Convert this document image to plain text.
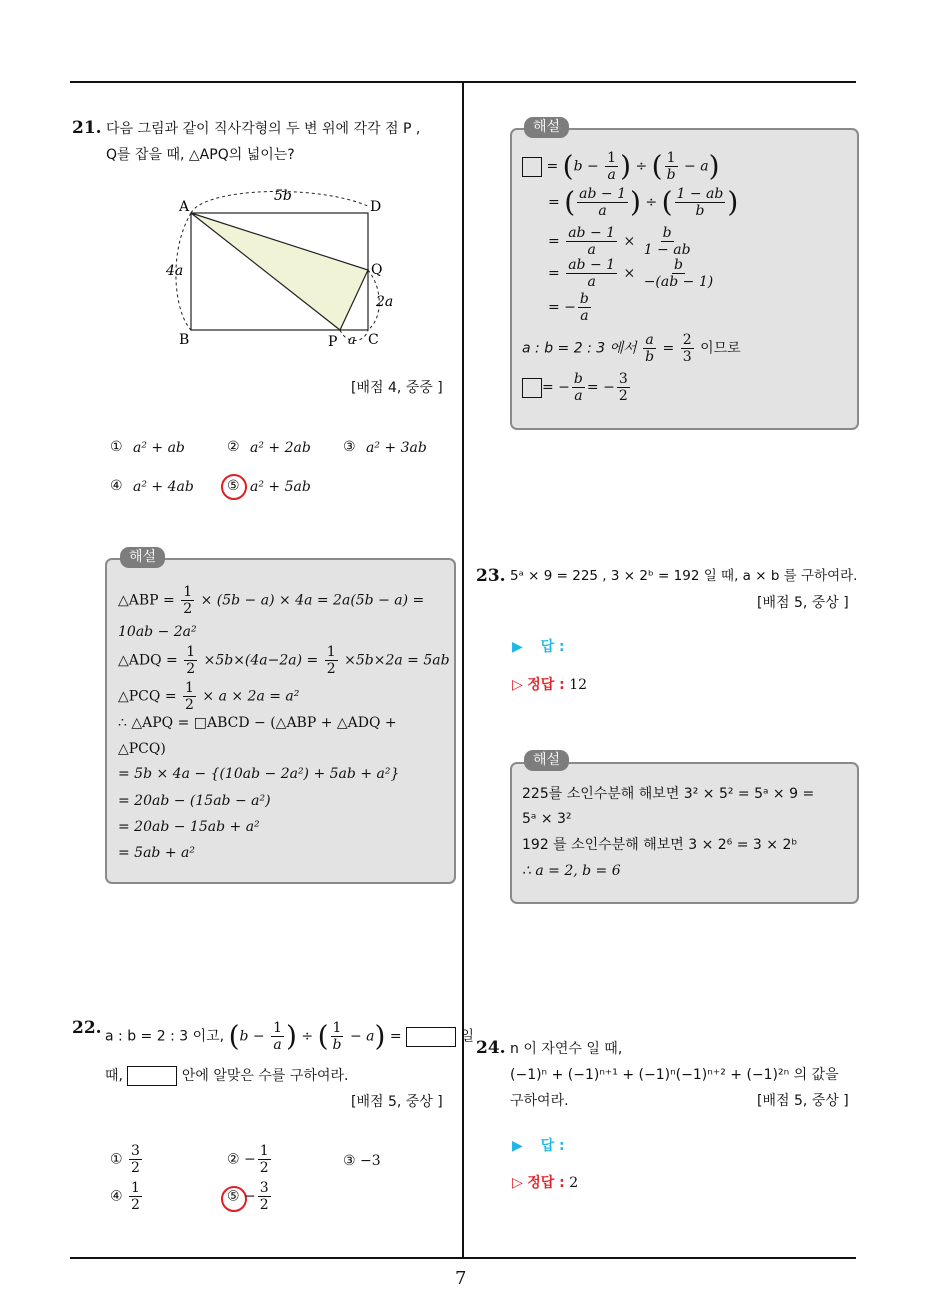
7
21. 다음 그림과 같이 직사각형의 두 변 위에 각각 점 P ,
Q를 잡을 때, △APQ의 넓이는?
A	D
B	C
P
Q
5b
4a
2a
a
[배점 4, 중중 ]
① a² + ab	② a² + 2ab ③ a² + 3ab
④ a² + 4ab ⑤ a² + 5ab
해설
△ABP = $\frac{1}{2} \times (5b - a) \times 4a = 2a(5b - a)$ =
10ab − 2a²
△ADQ = $\frac{1}{2} \times 5b\times(4a-2a) = \frac{1}{2} \times 5b\times 2a = 5ab$
△PCQ = $\frac{1}{2} \times a \times 2a = a^2$
∴ △APQ = □ABCD − (△ABP + △ADQ +
△PCQ)
= 5b × 4a − {(10ab − 2a²) + 5ab + a²}
= 20ab − (15ab − a²)
= 20ab − 15ab + a²
= 5ab + a²
22. a : b = 2 : 3 이고, ($b - \frac{1}{a}$ ) ÷ ( $\frac{1}{b} - a$) =	일
때,	안에 알맞은 수를 구하여라.
[배점 5, 중상 ]
① $\frac{3}{2}$	② − $\frac{1}{2}$	③ −3
④ $\frac{1}{2}$	⑤ − $\frac{3}{2}$
해설
= ($b - \frac{1}{a}$ ) ÷ ( $\frac{1}{b} - a$)
= ( $\frac{ab - 1}{a}$ ) ÷ ( $\frac{1 - ab}{b}$ )
= $\frac{ab - 1}{a} \times \frac{b}{1 - ab}$
= $\frac{ab - 1}{a} \times \frac{b}{-(ab - 1)}$
= − $\frac{b}{a}$
a : b = 2 : 3 에서 $\frac{a}{b} = \frac{2}{3}$ 이므로
= − $\frac{b}{a}$ = − $\frac{3}{2}$
23. 5ᵃ × 9 = 225 , 3 × 2ᵇ = 192 일 때, a × b 를 구하여라.
[배점 5, 중상 ]
▶ 답 :
▷ 정답 : 12
해설
225를 소인수분해 해보면 3² × 5² = 5ᵃ × 9 =
5ᵃ × 3²
192 를 소인수분해 해보면 3 × 2⁶ = 3 × 2ᵇ
∴ a = 2, b = 6
24. n 이 자연수 일 때,
(−1)ⁿ + (−1)ⁿ⁺¹ + (−1)ⁿ(−1)ⁿ⁺² + (−1)²ⁿ 의 값을
구하여라.	[배점 5, 중상 ]
▶ 답 :
▷ 정답 : 2
